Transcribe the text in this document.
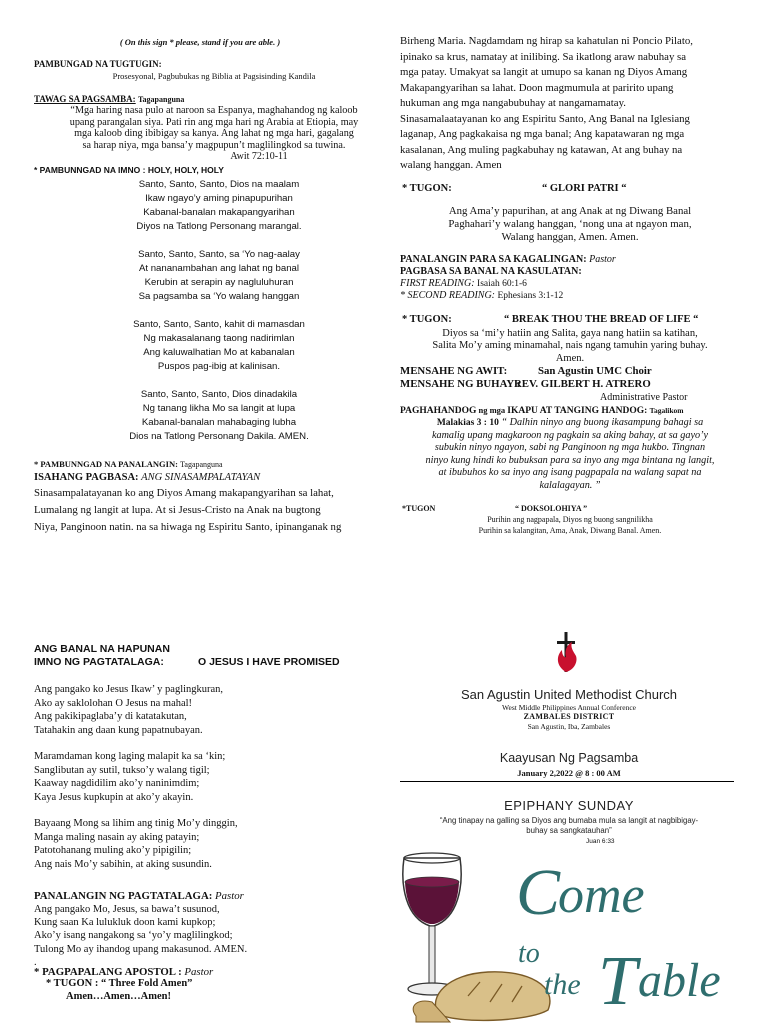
( On this sign * please, stand if you are able. )
PAMBUNGAD NA TUGTUGIN:
Prosesyonal, Pagbubukas ng Biblia at Pagsisinding Kandila
TAWAG SA PAGSAMBA: Tagapanguna
“Mga haring nasa pulo at naroon sa Espanya, maghahandog ng kaloob
upang parangalan siya. Pati rin ang mga hari ng Arabia at Etiopia, may
mga kaloob ding ibibigay sa kanya. Ang lahat ng mga hari, gagalang
sa harap niya, mga bansa’y magpupun’t maglilingkod sa tuwina.
Awit 72:10-11
* PAMBUNNGAD NA IMNO : HOLY, HOLY, HOLY
Santo, Santo, Santo, Dios na maalam
Ikaw ngayo’y aming pinapupurihan
Kabanal-banalan makapangyarihan
Diyos na Tatlong Personang marangal.
Santo, Santo, Santo, sa ‘Yo nag-aalay
At nananambahan ang lahat ng banal
Kerubin at serapin ay nagluluhuran
Sa pagsamba sa ‘Yo walang hanggan
Santo, Santo, Santo, kahit di mamasdan
Ng makasalanang taong nadirimlan
Ang kaluwalhatian Mo at kabanalan
Puspos pag-ibig at kalinisan.
Santo, Santo, Santo, Dios dinadakila
Ng tanang likha Mo sa langit at lupa
Kabanal-banalan mahabaging lubha
Dios na Tatlong Personang Dakila. AMEN.
* PAMBUNNGAD NA PANALANGIN: Tagapanguna
ISAHANG PAGBASA: ANG SINASAMPALATAYAN
Sinasampalatayanan ko ang Diyos Amang makapangyarihan sa lahat,
Lumalang ng langit at lupa. At si Jesus-Cristo na Anak na bugtong
Niya, Panginoon natin. na sa hiwaga ng Espiritu Santo, ipinanganak ng
Birheng Maria. Nagdamdam ng hirap sa kahatulan ni Poncio Pilato,
ipinako sa krus, namatay at inilibing. Sa ikatlong araw nabuhay sa
mga patay. Umakyat sa langit at umupo sa kanan ng Diyos Amang
Makapangyarihan sa lahat. Doon magmumula at paririto upang
hukuman ang mga nangabubuhay at nangamamatay.
Sinasamalaatayanan ko ang Espiritu Santo, Ang Banal na Iglesiang
laganap, Ang pagkakaisa ng mga banal; Ang kapatawaran ng mga
kasalanan, Ang muling pagkabuhay ng katawan, At ang buhay na
walang hanggan. Amen
* TUGON:	“ GLORI PATRI “
Ang Ama’y papurihan, at ang Anak at ng Diwang Banal
Paghahari’y walang hanggan, ‘nong una at ngayon man,
Walang hanggan, Amen. Amen.
PANALANGIN PARA SA KAGALINGAN: Pastor
PAGBASA SA BANAL NA KASULATAN:
FIRST READING: Isaiah 60:1-6
* SECOND READING: Ephesians 3:1-12
* TUGON:	“ BREAK THOU THE BREAD OF LIFE “
Diyos sa ‘mi’y hatiin ang Salita, gaya nang hatiin sa katihan,
Salita Mo’y aming minamahal, nais ngang tamuhin yaring buhay.
Amen.
MENSAHE NG AWIT:	San Agustin UMC Choir
MENSAHE NG BUHAY :
REV. GILBERT H. ATRERO
Administrative Pastor
PAGHAHANDOG ng mga IKAPU AT TANGING HANDOG: Tagalikom
Malakias 3 : 10 “ Dalhin ninyo ang buong ikasampung bahagi sa
kamalig upang magkaroon ng pagkain sa aking bahay, at sa gayo’y
subukin ninyo ngayon, sabi ng Panginoon ng mga hukbo. Tingnan
ninyo kung hindi ko bubuksan para sa inyo ang mga bintana ng langit,
at ibubuhos ko sa inyo ang isang pagpapala na walang sapat na
kalalagayan. ”
*TUGON	“ DOKSOLOHIYA ”
Purihin ang nagpapala, Diyos ng buong sangnilikha
Purihin sa kalangitan, Ama, Anak, Diwang Banal. Amen.
ANG BANAL NA HAPUNAN
IMNO NG PAGTATALAGA:	O JESUS I HAVE PROMISED
Ang pangako ko Jesus Ikaw’ y paglingkuran,
Ako ay saklolohan O Jesus na mahal!
Ang pakikipaglaba’y di katatakutan,
Tatahakin ang daan kung papatnubayan.
Maramdaman kong laging malapit ka sa ‘kin;
Sanglibutan ay sutil, tukso’y walang tigil;
Kaaway nagdidilim ako’y naninimdim;
Kaya Jesus kupkupin at ako’y akayin.
Bayaang Mong sa lihim ang tinig Mo’y dinggin,
Manga maling nasain ay aking patayin;
Patotohanang muling ako’y pipigilin;
Ang nais Mo’y sabihin, at aking susundin.
PANALANGIN NG PAGTATALAGA: Pastor
Ang pangako Mo, Jesus, sa bawa’t susunod,
Kung saan Ka lulukluk doon kami kupkop;
Ako’y isang nangakong sa ‘yo’y maglilingkod;
Tulong Mo ay ihandog upang makasunod. AMEN.
.
* PAGPAPALANG APOSTOL : Pastor
* TUGON : “ Three Fold Amen”
Amen…Amen…Amen!
San Agustin United Methodist Church
West Middle Philippines Annual Conference
ZAMBALES DISTRICT
San Agustin, Iba, Zambales
Kaayusan Ng Pagsamba
January 2,2022 @ 8 : 00 AM
EPIPHANY SUNDAY
“Ang tinapay na galling sa Diyos ang bumaba mula sa langit at nagbibigay-
buhay sa sangkatauhan”
Juan 6:33
C
ome
to
the T able
